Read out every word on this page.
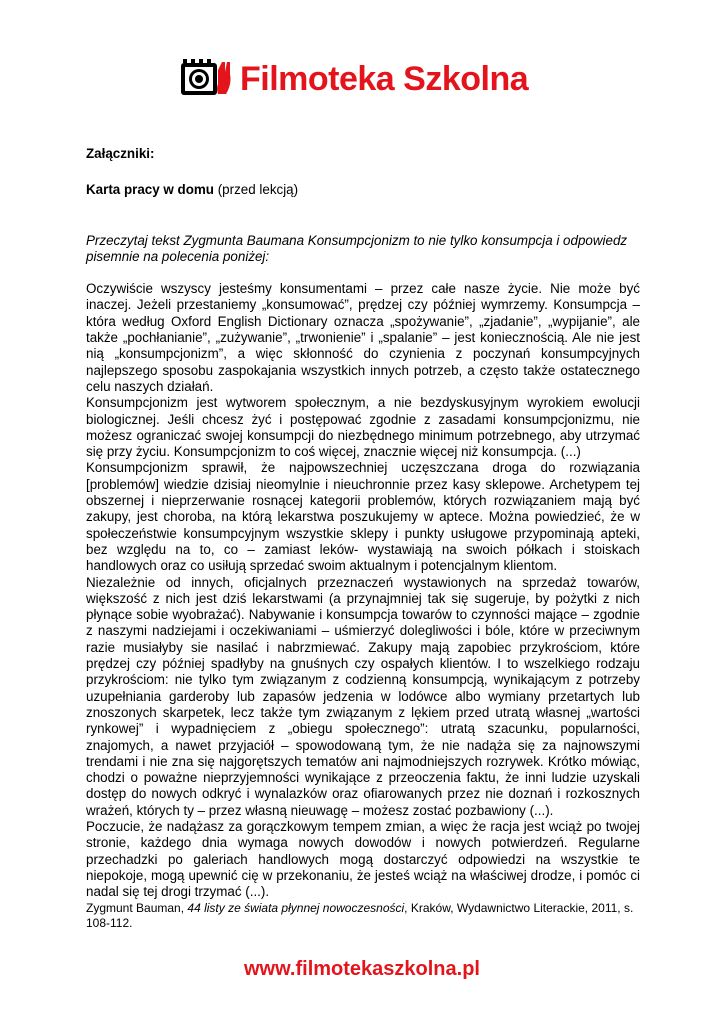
Filmoteka Szkolna

Załączniki:

Karta pracy w domu (przed lekcją)

Przeczytaj tekst Zygmunta Baumana Konsumpcjonizm to nie tylko konsumpcja i odpowiedz pisemnie na polecenia poniżej:

Oczywiście wszyscy jesteśmy konsumentami – przez całe nasze życie. Nie może być inaczej. Jeżeli przestaniemy „konsumować”, prędzej czy później wymrzemy. Konsumpcja – która według Oxford English Dictionary oznacza „spożywanie”, „zjadanie”, „wypijanie”, ale także „pochłanianie”, „zużywanie”, „trwonienie” i „spalanie” – jest koniecznością. Ale nie jest nią „konsumpcjonizm”, a więc skłonność do czynienia z poczynań konsumpcyjnych najlepszego sposobu zaspokajania wszystkich innych potrzeb, a często także ostatecznego celu naszych działań.

Konsumpcjonizm jest wytworem społecznym, a nie bezdyskusyjnym wyrokiem ewolucji biologicznej. Jeśli chcesz żyć i postępować zgodnie z zasadami konsumpcjonizmu, nie możesz ograniczać swojej konsumpcji do niezbędnego minimum potrzebnego, aby utrzymać się przy życiu. Konsumpcjonizm to coś więcej, znacznie więcej niż konsumpcja. (...)

Konsumpcjonizm sprawił, że najpowszechniej uczęszczana droga do rozwiązania [problemów] wiedzie dzisiaj nieomylnie i nieuchronnie przez kasy sklepowe. Archetypem tej obszernej i nieprzerwanie rosnącej kategorii problemów, których rozwiązaniem mają być zakupy, jest choroba, na którą lekarstwa poszukujemy w aptece. Można powiedzieć, że w społeczeństwie konsumpcyjnym wszystkie sklepy i punkty usługowe przypominają apteki, bez względu na to, co – zamiast leków- wystawiają na swoich półkach i stoiskach handlowych oraz co usiłują sprzedać swoim aktualnym i potencjalnym klientom.

Niezależnie od innych, oficjalnych przeznaczeń wystawionych na sprzedaż towarów, większość z nich jest dziś lekarstwami (a przynajmniej tak się sugeruje, by pożytki z nich płynące sobie wyobrażać). Nabywanie i konsumpcja towarów to czynności mające – zgodnie z naszymi nadziejami i oczekiwaniami – uśmierzyć dolegliwości i bóle, które w przeciwnym razie musiałyby sie nasilać i nabrzmiewać. Zakupy mają zapobiec przykrościom, które prędzej czy później spadłyby na gnuśnych czy ospałych klientów. I to wszelkiego rodzaju przykrościom: nie tylko tym związanym z codzienną konsumpcją, wynikającym z potrzeby uzupełniania garderoby lub zapasów jedzenia w lodówce albo wymiany przetartych lub znoszonych skarpetek, lecz także tym związanym z lękiem przed utratą własnej „wartości rynkowej” i wypadnięciem z „obiegu społecznego”: utratą szacunku, popularności, znajomych, a nawet przyjaciół – spowodowaną tym, że nie nadąża się za najnowszymi trendami i nie zna się najgorętszych tematów ani najmodniejszych rozrywek. Krótko mówiąc, chodzi o poważne nieprzyjemności wynikające z przeoczenia faktu, że inni ludzie uzyskali dostęp do nowych odkryć i wynalazków oraz ofiarowanych przez nie doznań i rozkosznych wrażeń, których ty – przez własną nieuwagę – możesz zostać pozbawiony (...).

Poczucie, że nadążasz za gorączkowym tempem zmian, a więc że racja jest wciąż po twojej stronie, każdego dnia wymaga nowych dowodów i nowych potwierdzeń. Regularne przechadzki po galeriach handlowych mogą dostarczyć odpowiedzi na wszystkie te niepokoje, mogą upewnić cię w przekonaniu, że jesteś wciąż na właściwej drodze, i pomóc ci nadal się tej drogi trzymać (...).

Zygmunt Bauman, 44 listy ze świata płynnej nowoczesności, Kraków, Wydawnictwo Literackie, 2011, s. 108-112.

www.filmotekaszkolna.pl
